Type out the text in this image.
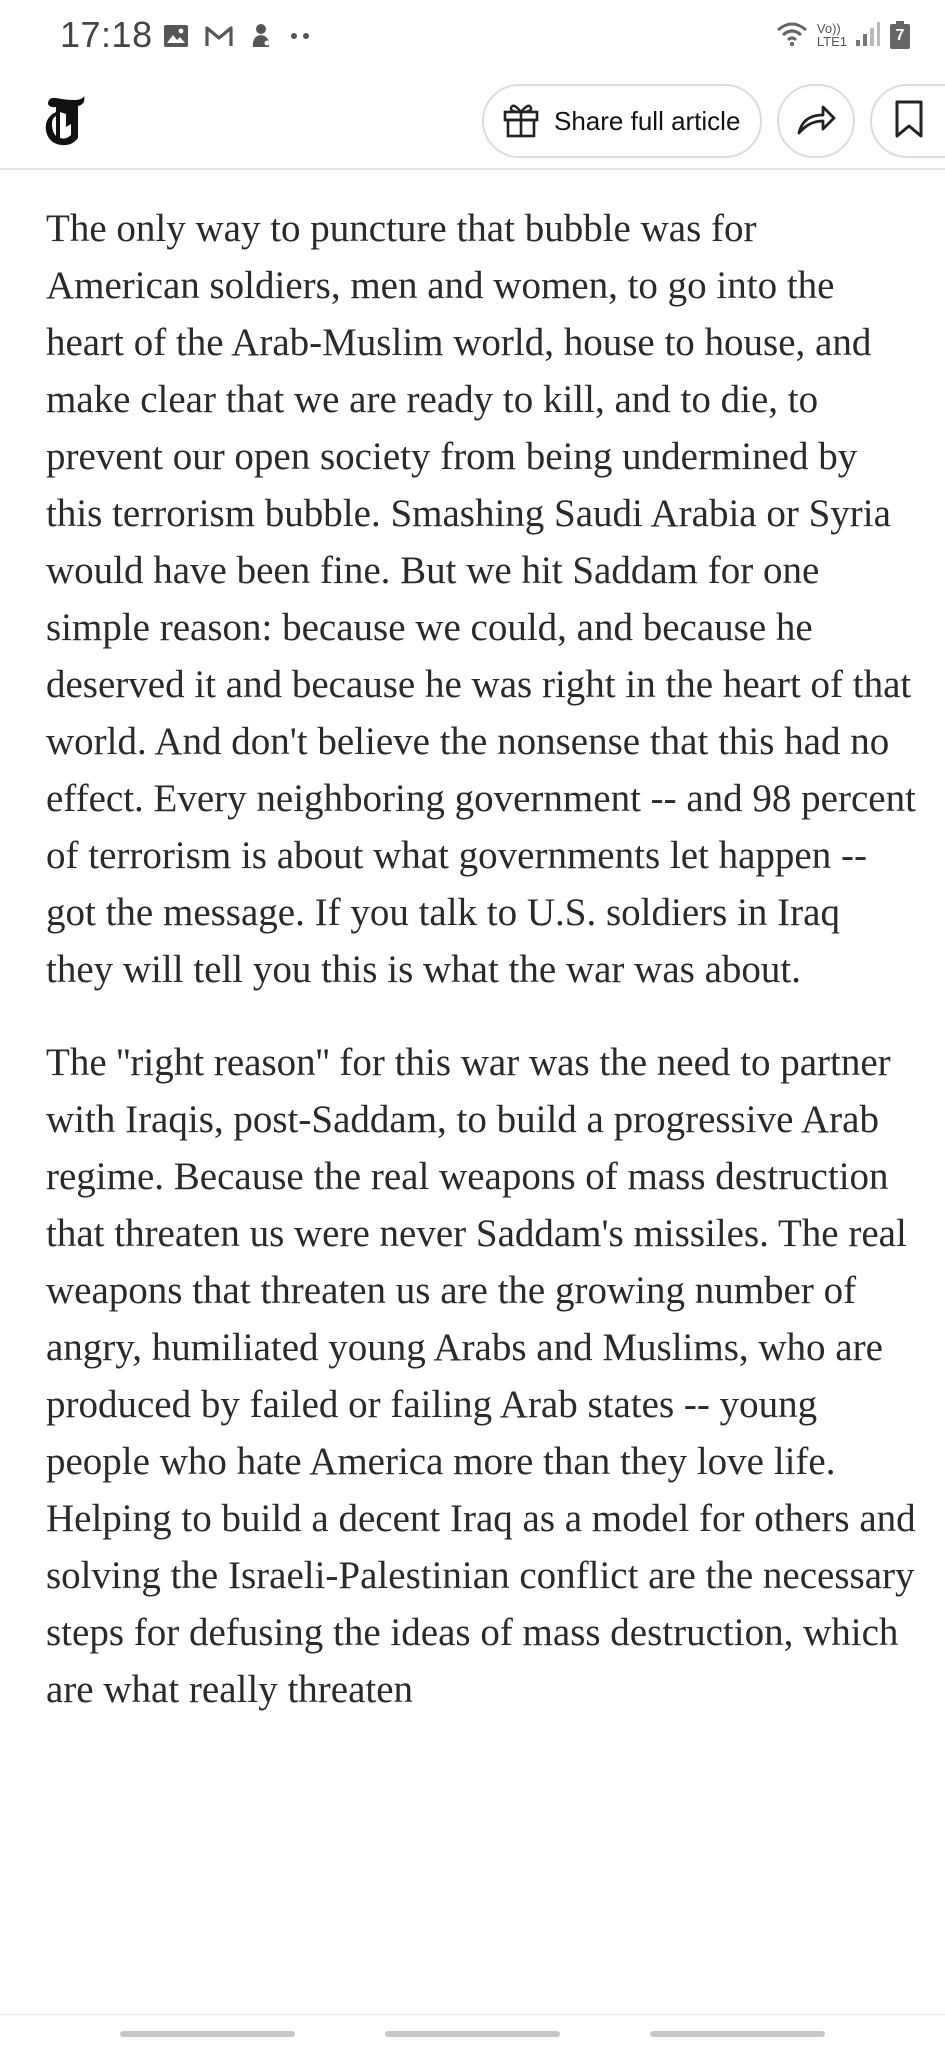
17:18	Vo))
LTE1	7
Share full article

The only way to puncture that bubble was for American soldiers, men and women, to go into the heart of the Arab-Muslim world, house to house, and make clear that we are ready to kill, and to die, to prevent our open society from being undermined by this terrorism bubble. Smashing Saudi Arabia or Syria would have been fine. But we hit Saddam for one simple reason: because we could, and because he deserved it and because he was right in the heart of that world. And don't believe the nonsense that this had no effect. Every neighboring government -- and 98 percent of terrorism is about what governments let happen -- got the message. If you talk to U.S. soldiers in Iraq they will tell you this is what the war was about.

The ''right reason'' for this war was the need to partner with Iraqis, post-Saddam, to build a progressive Arab regime. Because the real weapons of mass destruction that threaten us were never Saddam's missiles. The real weapons that threaten us are the growing number of angry, humiliated young Arabs and Muslims, who are produced by failed or failing Arab states -- young people who hate America more than they love life. Helping to build a decent Iraq as a model for others and solving the Israeli-Palestinian conflict are the necessary steps for defusing the ideas of mass destruction, which are what really threaten
